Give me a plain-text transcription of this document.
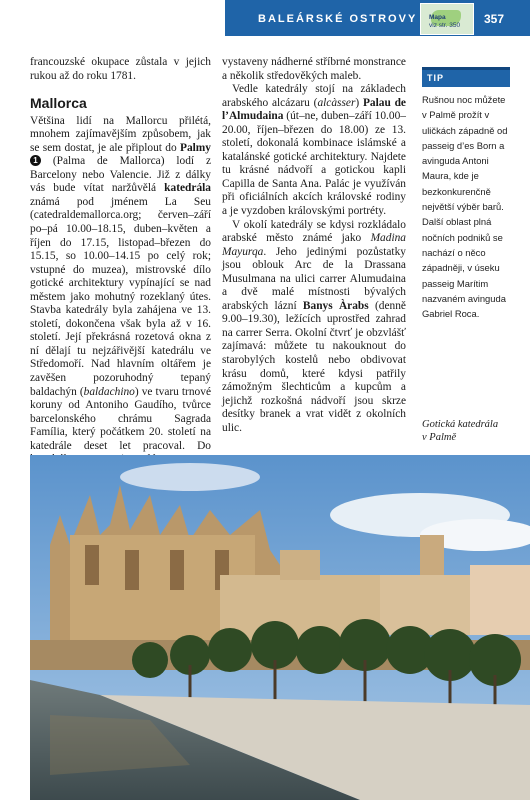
BALEÁRSKÉ OSTROVY Mapa
viz str. 350 357

francouzské okupace zůstala v jejich rukou až do roku 1781.

Mallorca

Většina lidí na Mallorcu přilétá, mnohem zajímavějším způsobem, jak se sem dostat, je ale připlout do Palmy 1 (Palma de Mallorca) lodí z Barcelony nebo Valencie. Již z dálky vás bude vítat naržůvělá katedrála známá pod jménem La Seu (catedraldemallorca.org; červen–září po–pá 10.00–18.15, duben–květen a říjen do 17.15, listopad–březen do 15.15, so 10.00–14.15 po celý rok; vstupné do muzea), mistrovské dílo gotické architektury vypínající se nad městem jako mohutný rozeklaný útes. Stavba katedrály byla zahájena ve 13. století, dokončena však byla až v 16. století. Její překrásná rozetová okna z ní dělají tu nejzářivější katedrálu ve Středomoří. Nad hlavním oltářem je zavěšen pozoruhodný tepaný baldachýn (baldachino) ve tvaru trnové koruny od Antoniho Gaudího, tvůrce barcelonského chrámu Sagrada Família, který počátkem 20. století na katedrále deset let pracoval. Do

vystaveny nádherné stříbrné monstrance a několik středověkých maleb.

Vedle katedrály stojí na základech arabského alcázaru (alcàsser) Palau de l’Almudaina (út–ne, duben–září 10.00–20.00, říjen–březen do 18.00) ze 13. století, dokonalá kombinace islámské a katalánské gotické architektury. Najdete tu krásné nádvoří a gotickou kapli Capilla de Santa Ana. Palác je využíván při oficiálních akcích královské rodiny a je vyzdoben královskými portréty.

V okolí katedrály se kdysi rozkládalo arabské město známé jako Madina Mayurqa. Jeho jedinými pozůstatky jsou oblouk Arc de la Drassana Musulmana na ulici carrer Alumudaina a dvě malé místnosti bývalých arabských lázní Banys Àrabs (denně 9.00–19.30), ležících uprostřed zahrad na carrer Serra. Okolní čtvrť je obzvlášť zajímavá: můžete tu nakouknout do starobylých kostelů nebo obdivovat krásu domů, které kdysi patřily zámožným šlechticům a kupcům a jejichž rozkošná nádvoří jsou skrze desítky branek a vrat vidět z okolních ulic.

TIP
Rušnou noc můžete v Palmě prožít v uličkách západně od passeig d’es Born a avinguda Antoni Maura, kde je bezkonkurenčně největší výběr barů. Další oblast plná nočních podniků se nachází o něco západněji, v úseku passeig Marítim nazvaném avinguda Gabriel Roca.
Gotická katedrála
v Palmě
